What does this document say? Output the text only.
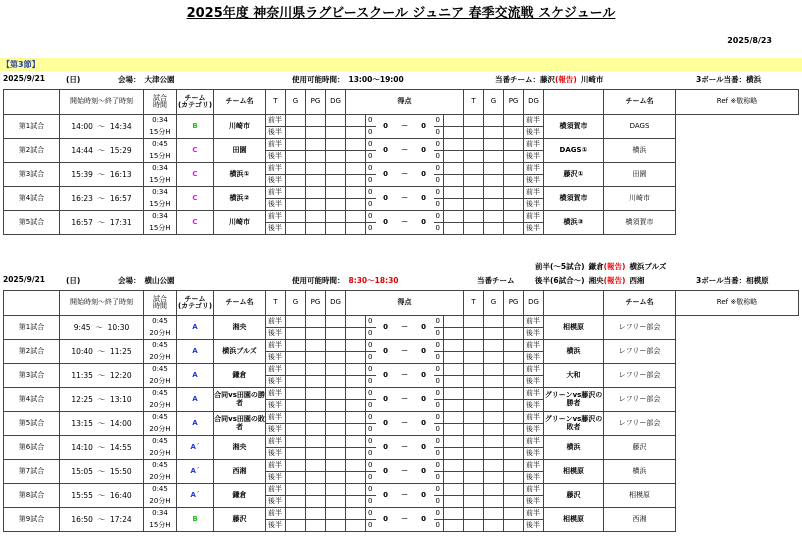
2025年度 神奈川県ラグビースクール ジュニア 春季交流戦 スケジュール
2025/8/23
【第3節】
2025/9/21	(日)	会場： 大津公園	使用可能時間： 13:00～19:00	当番チーム：藤沢(報告) 川崎市	3ボール当番：横浜
	開始時刻～終了時刻	試合
時間	チーム
(カテゴリ)	チーム名	T	G	PG	DG	得点							T	G	PG	DG		チーム名	Ref ※敬称略
第1試合	14:00  ～  14:34	0:34	B	川崎市	前半					0	0	－	0	0					前半	横須賀市	DAGS	
		15分H			後半					0				0					後半			
第2試合	14:44  ～  15:29	0:45	C	田園	前半					0	0	－	0	0					前半	DAGS①	横浜	
		15分H			後半					0				0					後半			
第3試合	15:39  ～  16:13	0:34	C	横浜①	前半					0	0	－	0	0					前半	藤沢①	田園	
		15分H			後半					0				0					後半			
第4試合	16:23  ～  16:57	0:34	C	横浜②	前半					0	0	－	0	0					前半	横須賀市	川崎市	
		15分H			後半					0				0					後半			
第5試合	16:57  ～  17:31	0:34	C	川崎市	前半					0	0	－	0	0					前半	横浜③	横須賀市	
		15分H			後半					0				0					後半			
前半(～5試合) 鎌倉(報告) 横浜ブルズ
2025/9/21	(日)	会場： 横山公園	使用可能時間： 8:30～18:30	当番チーム	後半(6試合～) 湘央(報告) 西湘	3ボール当番：相模原
	開始時刻～終了時刻	試合
時間	チーム
(カテゴリ)	チーム名	T	G	PG	DG	得点							T	G	PG	DG		チーム名	Ref ※敬称略
第1試合	9:45  ～  10:30	0:45	A	湘央	前半					0	0	－	0	0					前半	相模原	レフリー部会	
		20分H			後半					0				0					後半			
第2試合	10:40  ～  11:25	0:45	A	横浜ブルズ	前半					0	0	－	0	0					前半	横浜	レフリー部会	
		20分H			後半					0				0					後半			
第3試合	11:35  ～  12:20	0:45	A	鎌倉	前半					0	0	－	0	0					前半	大和	レフリー部会	
		20分H			後半					0				0					後半			
第4試合	12:25  ～  13:10	0:45	A	合同vs田園の勝者	前半					0	0	－	0	0					前半	グリーンvs藤沢の勝者	レフリー部会	
		20分H			後半					0				0					後半			
第5試合	13:15  ～  14:00	0:45	A	合同vs田園の敗者	前半					0	0	－	0	0					前半	グリーンvs藤沢の敗者	レフリー部会	
		20分H			後半					0				0					後半			
第6試合	14:10  ～  14:55	0:45	A´	湘央	前半					0	0	－	0	0					前半	横浜	藤沢	
		20分H			後半					0				0					後半			
第7試合	15:05  ～  15:50	0:45	A´	西湘	前半					0	0	－	0	0					前半	相模原	横浜	
		20分H			後半					0				0					後半			
第8試合	15:55  ～  16:40	0:45	A´	鎌倉	前半					0	0	－	0	0					前半	藤沢	相模原	
		20分H			後半					0				0					後半			
第9試合	16:50  ～  17:24	0:34	B	藤沢	前半					0	0	－	0	0					前半	相模原	西湘	
		15分H			後半					0				0					後半			
